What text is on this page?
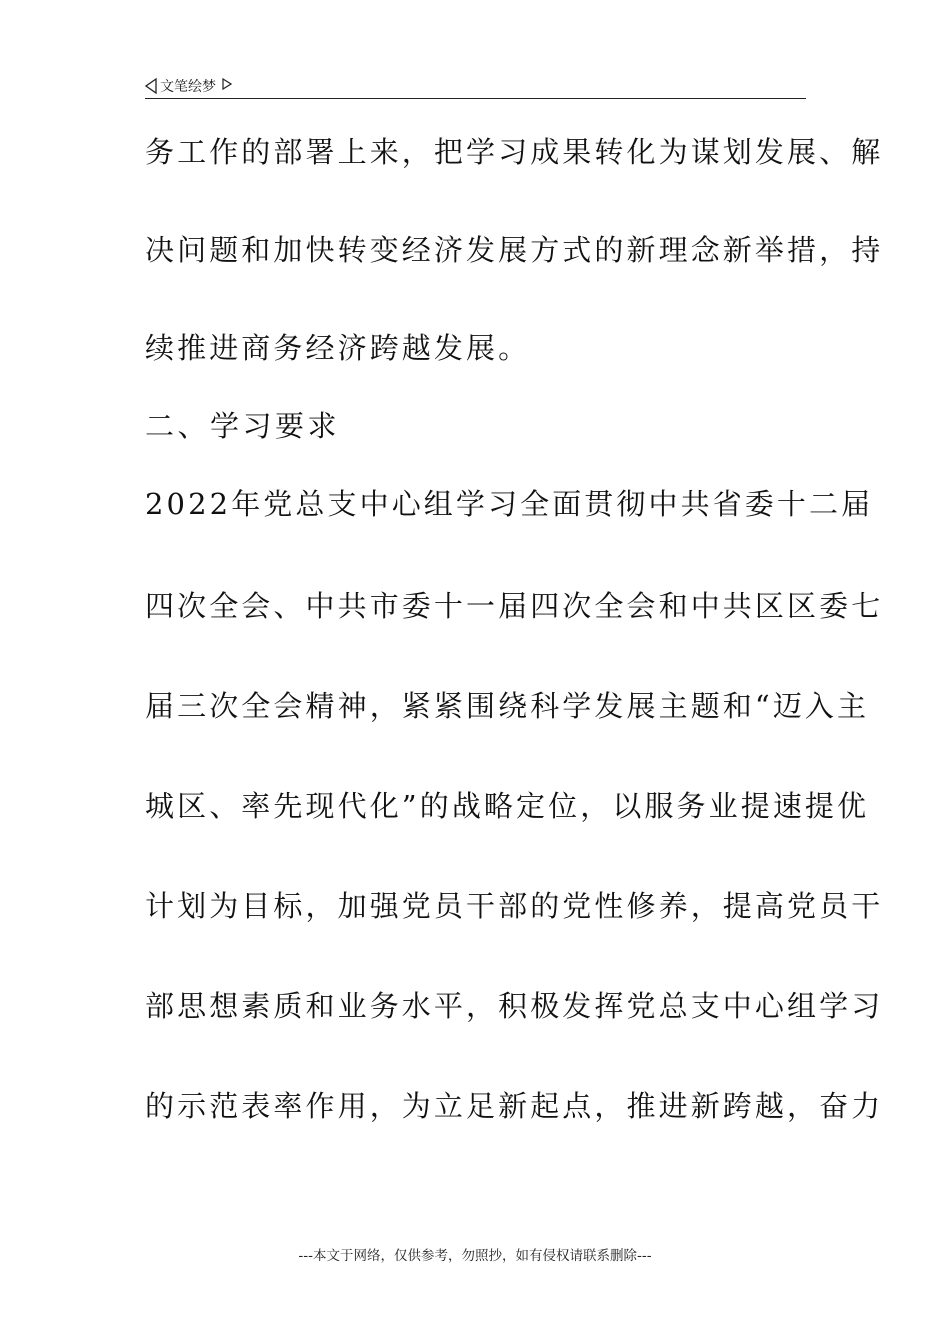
文笔绘梦
务工作的部署上来，把学习成果转化为谋划发展、解
决问题和加快转变经济发展方式的新理念新举措，持
续推进商务经济跨越发展。
二、学习要求
2022年党总支中心组学习全面贯彻中共省委十二届
四次全会、中共市委十一届四次全会和中共区区委七
届三次全会精神，紧紧围绕科学发展主题和“迈入主
城区、率先现代化”的战略定位，以服务业提速提优
计划为目标，加强党员干部的党性修养，提高党员干
部思想素质和业务水平，积极发挥党总支中心组学习
的示范表率作用，为立足新起点，推进新跨越，奋力
---本文于网络，仅供参考，勿照抄，如有侵权请联系删除---
